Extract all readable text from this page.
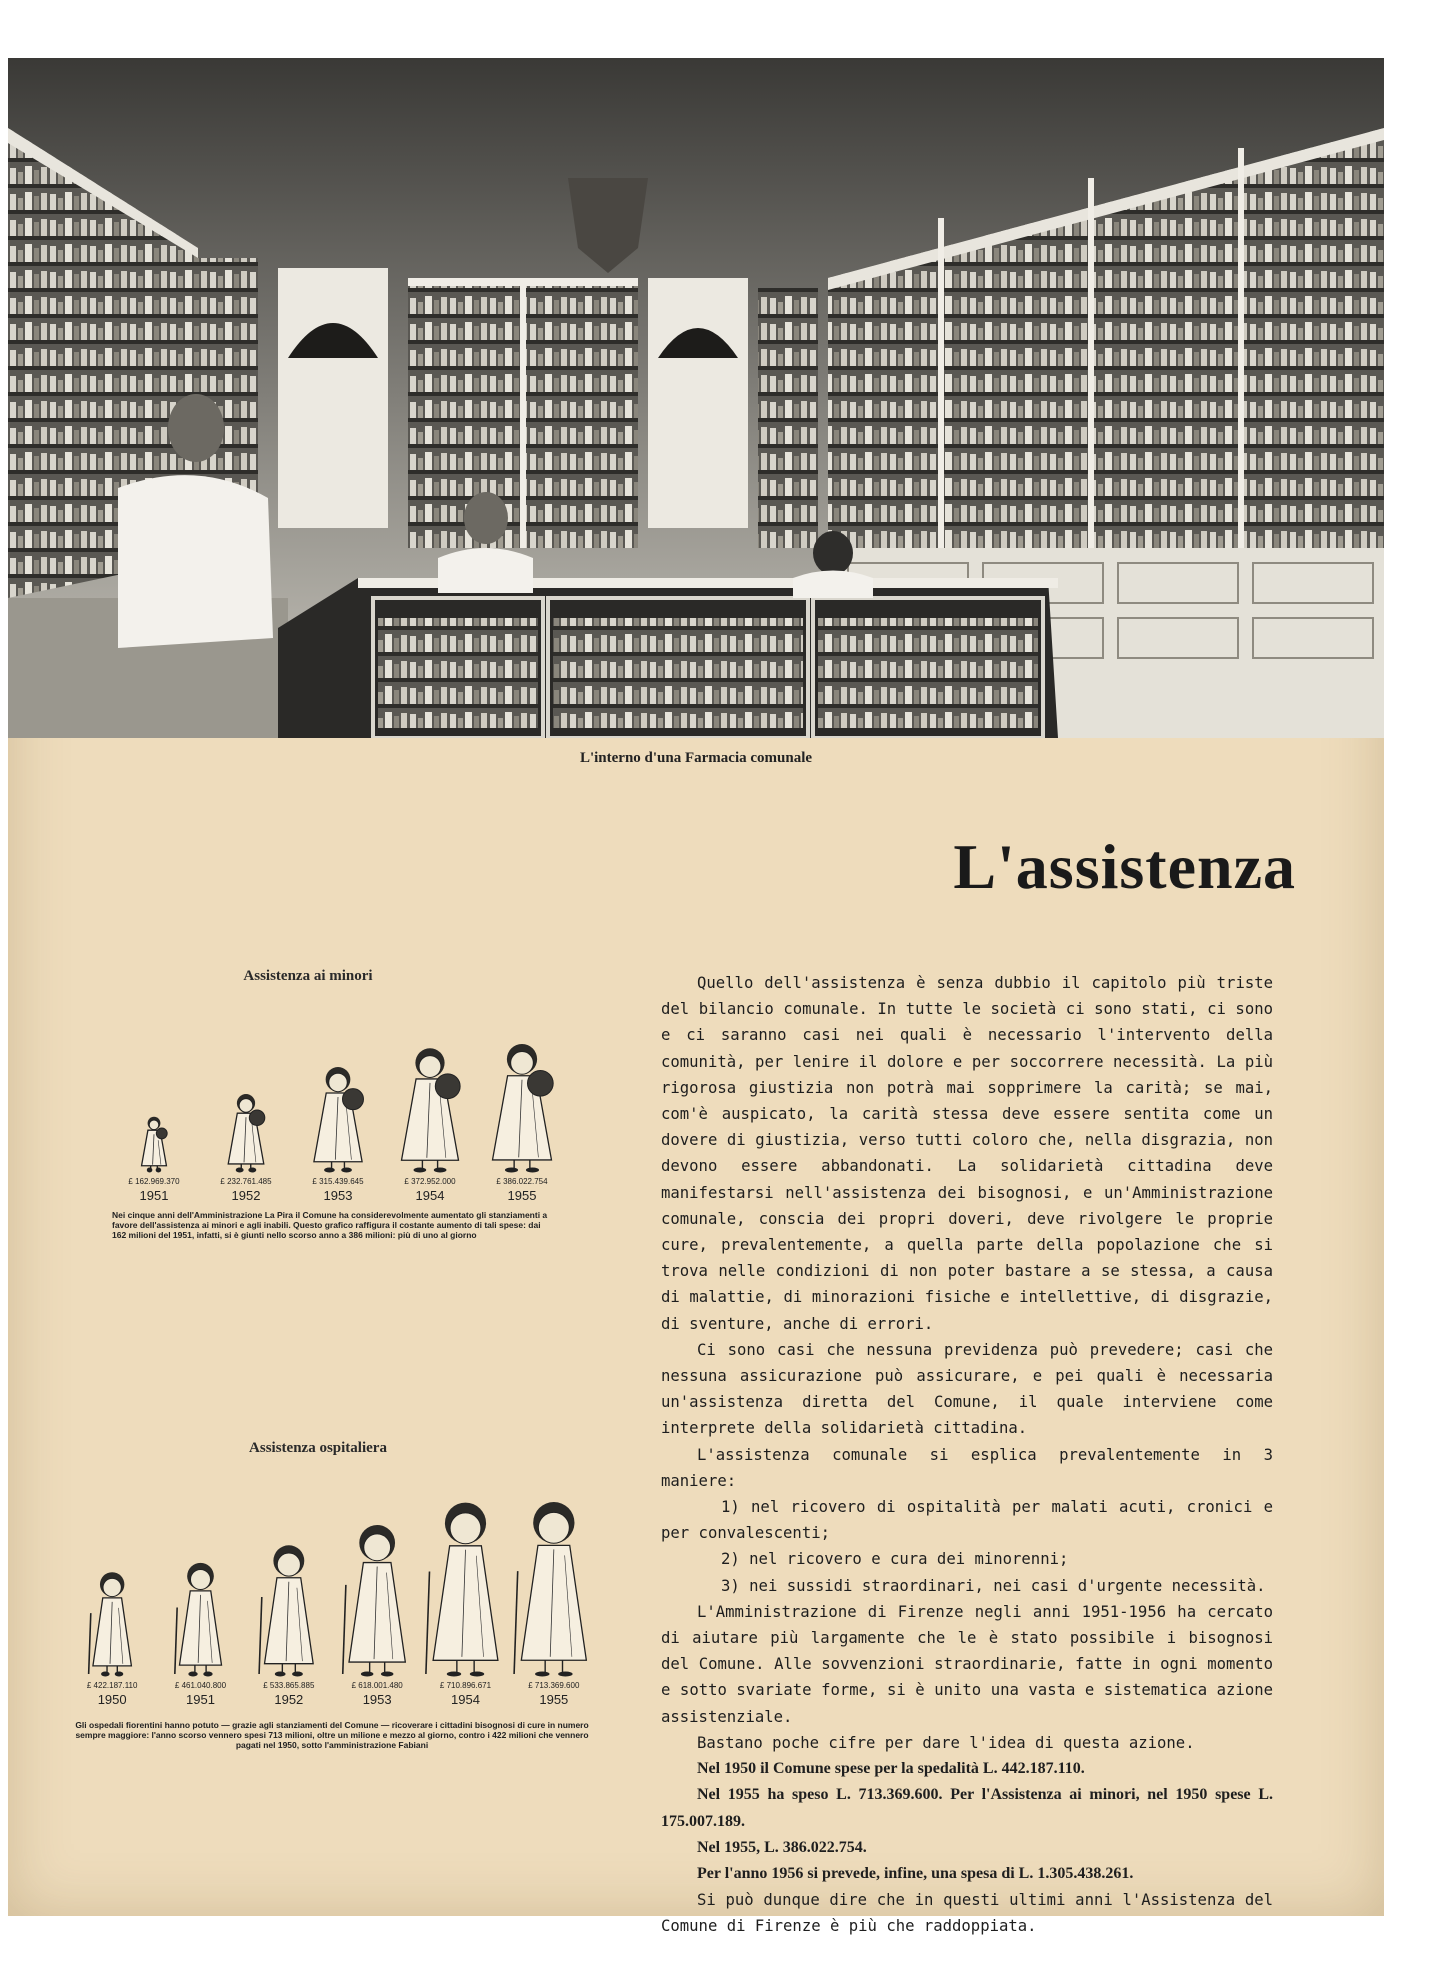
L'interno d'una Farmacia comunale
L'assistenza
Assistenza ai minori
£ 162.969.370
1951
£ 232.761.485
1952
£ 315.439.645
1953
£ 372.952.000
1954
£ 386.022.754
1955
Nei cinque anni dell'Amministrazione La Pira il Comune ha considerevolmente aumentato gli stanziamenti a favore dell'assistenza ai minori e agli inabili. Questo grafico raffigura il costante aumento di tali spese: dai 162 milioni del 1951, infatti, si è giunti nello scorso anno a 386 milioni: più di uno al giorno
Assistenza ospitaliera
£ 422.187.110
1950
£ 461.040.800
1951
£ 533.865.885
1952
£ 618.001.480
1953
£ 710.896.671
1954
£ 713.369.600
1955
Gli ospedali fiorentini hanno potuto — grazie agli stanziamenti del Comune — ricoverare i cittadini bisognosi di cure in numero sempre maggiore: l'anno scorso vennero spesi 713 milioni, oltre un milione e mezzo al giorno, contro i 422 milioni che vennero pagati nel 1950, sotto l'amministrazione Fabiani

Quello dell'assistenza è senza dubbio il capitolo più triste del bilancio comunale. In tutte le società ci sono stati, ci sono e ci saranno casi nei quali è necessario l'intervento della comunità, per lenire il dolore e per soccorrere necessità. La più rigorosa giustizia non potrà mai sopprimere la carità; se mai, com'è auspicato, la carità stessa deve essere sentita come un dovere di giustizia, verso tutti coloro che, nella disgrazia, non devono essere abbandonati. La solidarietà cittadina deve manifestarsi nell'assistenza dei bisognosi, e un'Amministrazione comunale, conscia dei propri doveri, deve rivolgere le proprie cure, prevalentemente, a quella parte della popolazione che si trova nelle condizioni di non poter bastare a se stessa, a causa di malattie, di minorazioni fisiche e intellettive, di disgrazie, di sventure, anche di errori.

Ci sono casi che nessuna previdenza può prevedere; casi che nessuna assicurazione può assicurare, e pei quali è necessaria un'assistenza diretta del Comune, il quale interviene come interprete della solidarietà cittadina.

L'assistenza comunale si esplica prevalentemente in 3 maniere:

1) nel ricovero di ospitalità per malati acuti, cronici e per convalescenti;

2) nel ricovero e cura dei minorenni;

3) nei sussidi straordinari, nei casi d'urgente necessità.

L'Amministrazione di Firenze negli anni 1951-1956 ha cercato di aiutare più largamente che le è stato possibile i bisognosi del Comune. Alle sovvenzioni straordinarie, fatte in ogni momento e sotto svariate forme, si è unito una vasta e sistematica azione assistenziale.

Bastano poche cifre per dare l'idea di questa azione.

Nel 1950 il Comune spese per la spedalità L. 442.187.110.

Nel 1955 ha speso L. 713.369.600. Per l'Assistenza ai minori, nel 1950 spese L. 175.007.189.

Nel 1955, L. 386.022.754.

Per l'anno 1956 si prevede, infine, una spesa di L. 1.305.438.261.

Si può dunque dire che in questi ultimi anni l'Assistenza del Comune di Firenze è più che raddoppiata.
